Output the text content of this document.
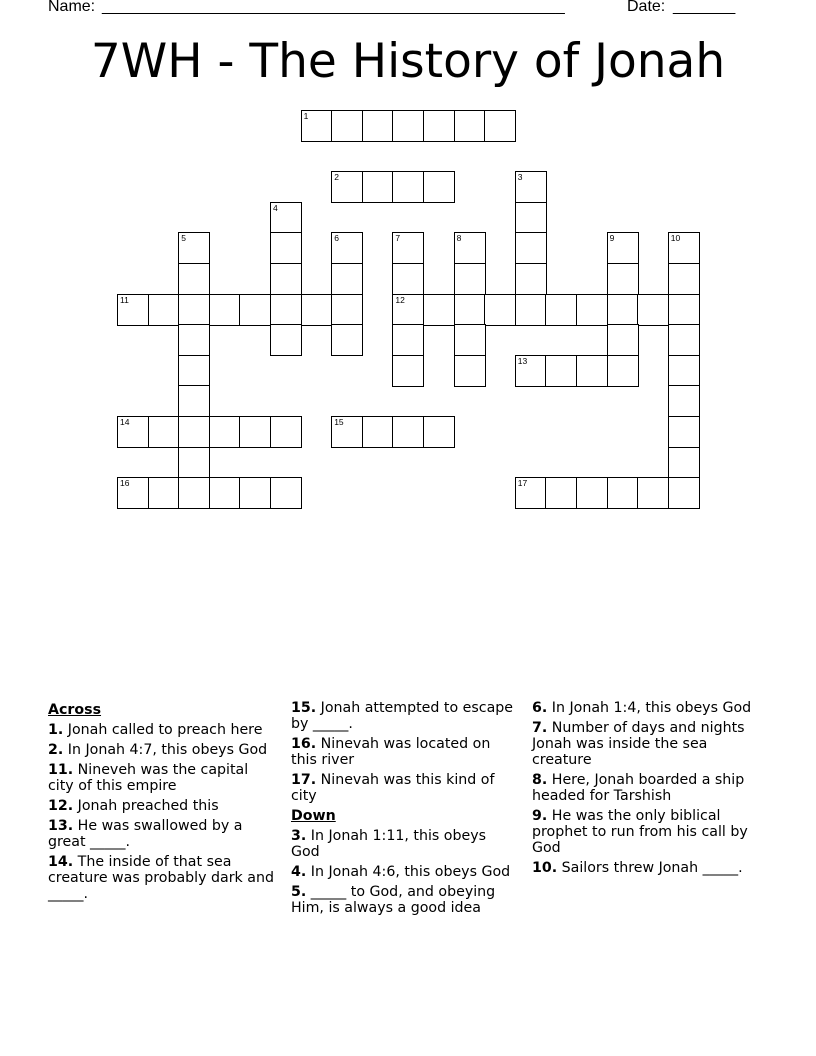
Name: ____________________________________________________	Date: _______
7WH - The History of Jonah
1
2	3
4
5	6	7	8	9	10
11	12
13
14	15
16	17
Across
1. Jonah called to preach here
2. In Jonah 4:7, this obeys God
11. Nineveh was the capital city of this empire
12. Jonah preached this
13. He was swallowed by a great _____.
14. The inside of that sea creature was probably dark and _____.
15. Jonah attempted to escape by _____.
16. Ninevah was located on this river
17. Ninevah was this kind of city
Down
3. In Jonah 1:11, this obeys God
4. In Jonah 4:6, this obeys God
5. _____ to God, and obeying Him, is always a good idea
6. In Jonah 1:4, this obeys God
7. Number of days and nights Jonah was inside the sea creature
8. Here, Jonah boarded a ship headed for Tarshish
9. He was the only biblical prophet to run from his call by God
10. Sailors threw Jonah _____.
